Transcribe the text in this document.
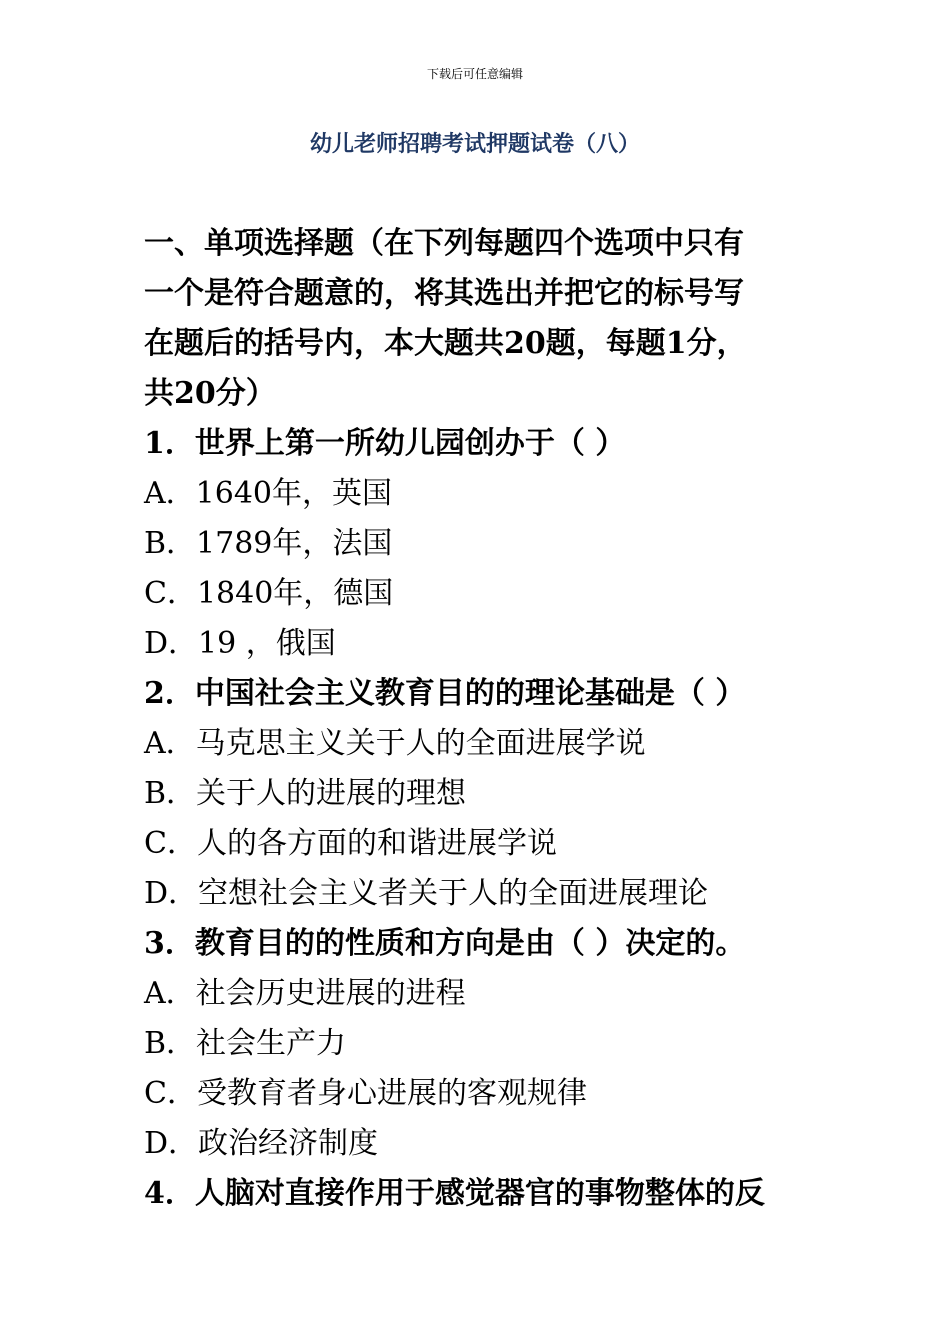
下载后可任意编辑
幼儿老师招聘考试押题试卷（八）

一、单项选择题（在下列每题四个选项中只有

一个是符合题意的，将其选出并把它的标号写

在题后的括号内，本大题共20题，每题1分，

共20分）

1．世界上第一所幼儿园创办于（ ）

A．1640年，英国

B．1789年，法国

C．1840年，德国

D．19 ，俄国

2．中国社会主义教育目的的理论基础是（ ）

A．马克思主义关于人的全面进展学说

B．关于人的进展的理想

C．人的各方面的和谐进展学说

D．空想社会主义者关于人的全面进展理论

3．教育目的的性质和方向是由（ ）决定的。

A．社会历史进展的进程

B．社会生产力

C．受教育者身心进展的客观规律

D．政治经济制度

4．人脑对直接作用于感觉器官的事物整体的反
